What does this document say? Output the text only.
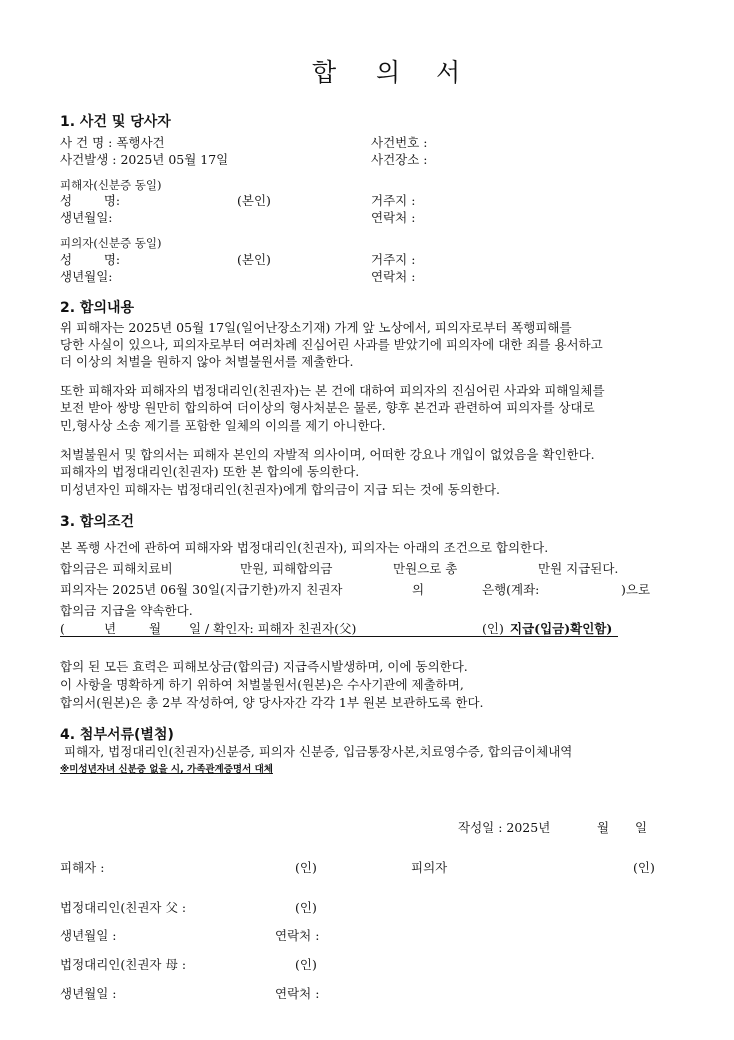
합 의 서
1. 사건 및 당사자
사 건 명 : 폭행사건	사건번호 :
사건발생 : 2025년 05월 17일	사건장소 :
피해자(신분증 동일)
성        명:	(본인)	거주지 :
생년월일:	연락처 :
피의자(신분증 동일)
성        명:	(본인)	거주지 :
생년월일:	연락처 :
2. 합의내용
위 피해자는 2025년 05월 17일(일어난장소기재) 가게 앞 노상에서, 피의자로부터 폭행피해를
당한 사실이 있으나, 피의자로부터 여러차례 진심어린 사과를 받았기에 피의자에 대한 죄를 용서하고
더 이상의 처벌을 원하지 않아 처벌불원서를 제출한다.
또한 피해자와 피해자의 법정대리인(친권자)는 본 건에 대하여 피의자의 진심어린 사과와 피해일체를
보전 받아 쌍방 원만히 합의하여 더이상의 형사처분은 물론, 향후 본건과 관련하여 피의자를 상대로
민,형사상 소송 제기를 포함한 일체의 이의를 제기 아니한다.
처벌불원서 및 합의서는 피해자 본인의 자발적 의사이며, 어떠한 강요나 개입이 없었음을 확인한다.
피해자의 법정대리인(친권자) 또한 본 합의에 동의한다.
미성년자인 피해자는 법정대리인(친권자)에게 합의금이 지급 되는 것에 동의한다.
3. 합의조건
본 폭행 사건에 관하여 피해자와 법정대리인(친권자), 피의자는 아래의 조건으로 합의한다.
합의금은 피해치료비	만원, 피해합의금	만원으로 총	만원 지급된다.
피의자는 2025년 06월 30일(지급기한)까지 친권자	의	은행(계좌:	)으로
합의금 지급을 약속한다.
(	년	월 일 / 확인자: 피해자 친권자(父)	(인) 지급(입금)확인함)
합의 된 모든 효력은 피해보상금(합의금) 지급즉시발생하며, 이에 동의한다.
이 사항을 명확하게 하기 위하여 처벌불원서(원본)은 수사기관에 제출하며,
합의서(원본)은 총 2부 작성하여, 양 당사자간 각각 1부 원본 보관하도록 한다.
4. 첨부서류(별첨)
피해자, 법정대리인(친권자)신분증, 피의자 신분증, 입금통장사본,치료영수증, 합의금이체내역
※미성년자녀 신분증 없을 시, 가족관계증명서 대체
작성일 : 2025년	월 일
피해자 :	(인)	피의자	(인)
법정대리인(친권자 父 :	(인)
생년월일 :	연락처 :
법정대리인(친권자 母 :	(인)
생년월일 :	연락처 :
